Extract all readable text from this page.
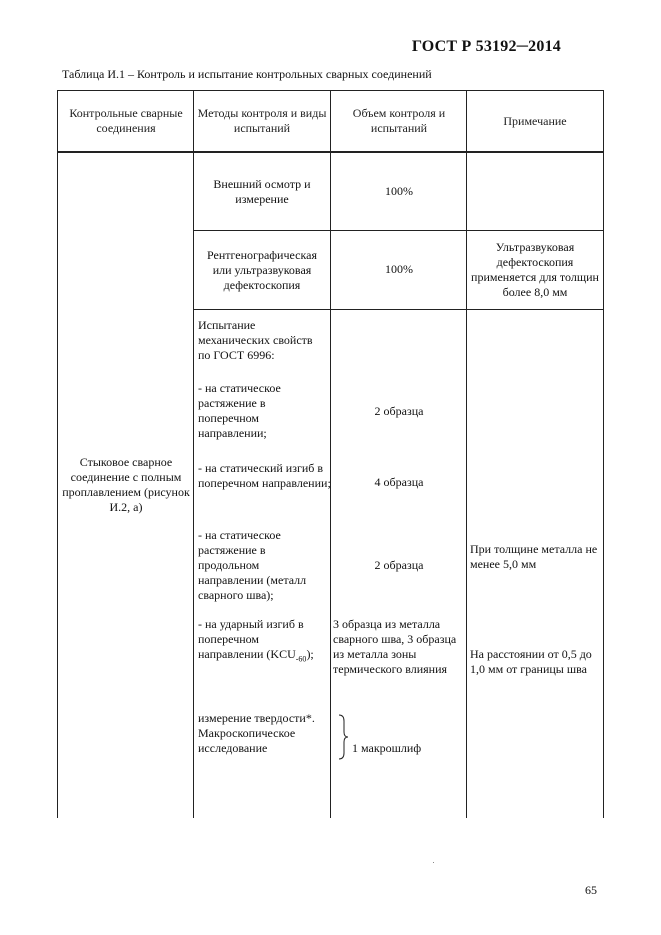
ГОСТ Р 53192─2014
Таблица И.1 – Контроль и испытание контрольных сварных соединений
Контрольные сварные соединения
Методы контроля и виды испытаний
Объем контроля и испытаний
Примечание
Стыковое сварное соединение с полным проплавлением (рисунок И.2, а)
Внешний осмотр и измерение
100%
Рентгенографическая или ультразвуковая дефектоскопия
100%
Ультразвуковая дефектоскопия применяется для толщин более 8,0 мм
Испытание механических свойств по ГОСТ 6996:
- на статическое растяжение в поперечном направлении;
2 образца
- на статический изгиб в поперечном направлении;	4 образца
- на статическое растяжение в продольном направлении (металл сварного шва);
2 образца
При толщине металла не менее 5,0 мм
- на ударный изгиб в поперечном направлении $(KCU_{-60})$;
3 образца из металла сварного шва, 3 образца из металла зоны термического влияния
На расстоянии от 0,5 до 1,0 мм от границы шва
измерение твердости*.
Макроскопическое исследование	1 макрошлиф
65
